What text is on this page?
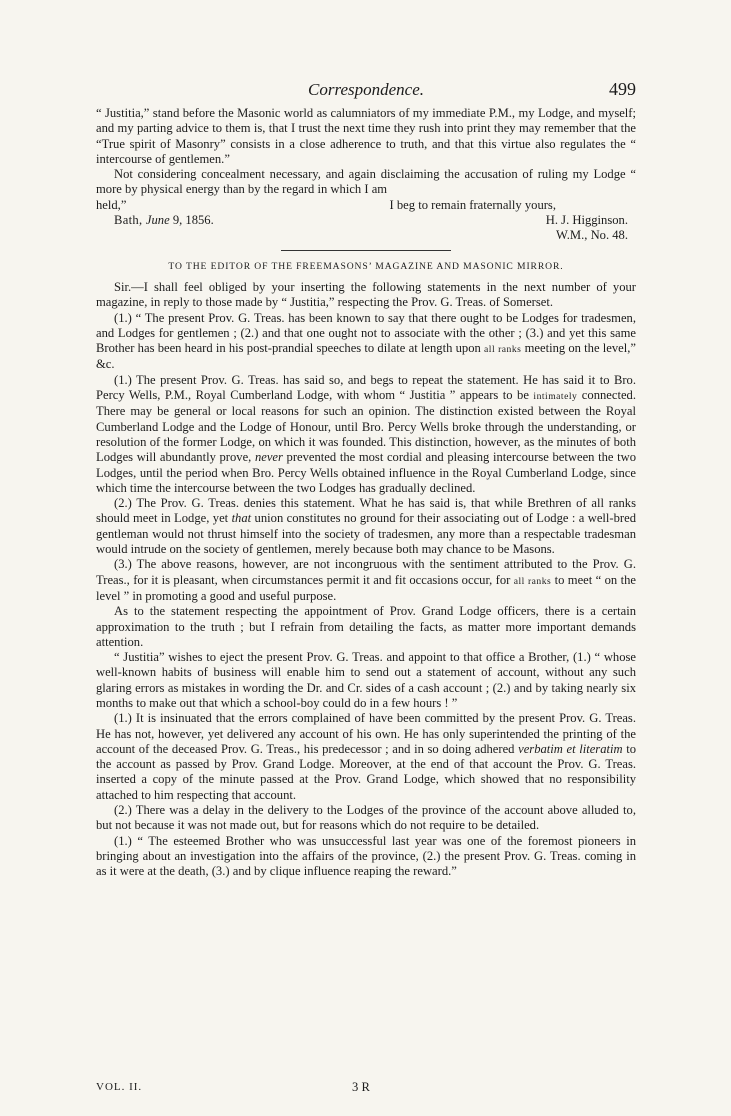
Correspondence.	499

“ Justitia,” stand before the Masonic world as calumniators of my immediate P.M., my Lodge, and myself; and my parting advice to them is, that I trust the next time they rush into print they may remember that the “True spirit of Masonry” consists in a close adherence to truth, and that this virtue also regulates the “ intercourse of gentlemen.”

Not considering concealment necessary, and again disclaiming the accusation of ruling my Lodge “ more by physical energy than by the regard in which I am

held,”	I beg to remain fraternally yours,
Bath, June 9, 1856.	H. J. Higginson.
W.M., No. 48.
TO THE EDITOR OF THE FREEMASONS’ MAGAZINE AND MASONIC MIRROR.

Sir.—I shall feel obliged by your inserting the following statements in the next number of your magazine, in reply to those made by “ Justitia,” respecting the Prov. G. Treas. of Somerset.

(1.) “ The present Prov. G. Treas. has been known to say that there ought to be Lodges for tradesmen, and Lodges for gentlemen ; (2.) and that one ought not to associate with the other ; (3.) and yet this same Brother has been heard in his post-prandial speeches to dilate at length upon all ranks meeting on the level,” &c.

(1.) The present Prov. G. Treas. has said so, and begs to repeat the statement. He has said it to Bro. Percy Wells, P.M., Royal Cumberland Lodge, with whom “ Justitia ” appears to be intimately connected. There may be general or local reasons for such an opinion. The distinction existed between the Royal Cumberland Lodge and the Lodge of Honour, until Bro. Percy Wells broke through the understanding, or resolution of the former Lodge, on which it was founded. This distinction, however, as the minutes of both Lodges will abundantly prove, never prevented the most cordial and pleasing intercourse between the two Lodges, until the period when Bro. Percy Wells obtained influence in the Royal Cumberland Lodge, since which time the intercourse between the two Lodges has gradually declined.

(2.) The Prov. G. Treas. denies this statement. What he has said is, that while Brethren of all ranks should meet in Lodge, yet that union constitutes no ground for their associating out of Lodge : a well-bred gentleman would not thrust himself into the society of tradesmen, any more than a respectable tradesman would intrude on the society of gentlemen, merely because both may chance to be Masons.

(3.) The above reasons, however, are not incongruous with the sentiment attributed to the Prov. G. Treas., for it is pleasant, when circumstances permit it and fit occasions occur, for all ranks to meet “ on the level ” in promoting a good and useful purpose.

As to the statement respecting the appointment of Prov. Grand Lodge officers, there is a certain approximation to the truth ; but I refrain from detailing the facts, as matter more important demands attention.

“ Justitia” wishes to eject the present Prov. G. Treas. and appoint to that office a Brother, (1.) “ whose well-known habits of business will enable him to send out a statement of account, without any such glaring errors as mistakes in wording the Dr. and Cr. sides of a cash account ; (2.) and by taking nearly six months to make out that which a school-boy could do in a few hours ! ”

(1.) It is insinuated that the errors complained of have been committed by the present Prov. G. Treas. He has not, however, yet delivered any account of his own. He has only superintended the printing of the account of the deceased Prov. G. Treas., his predecessor ; and in so doing adhered verbatim et literatim to the account as passed by Prov. Grand Lodge. Moreover, at the end of that account the Prov. G. Treas. inserted a copy of the minute passed at the Prov. Grand Lodge, which showed that no responsibility attached to him respecting that account.

(2.) There was a delay in the delivery to the Lodges of the province of the account above alluded to, but not because it was not made out, but for reasons which do not require to be detailed.

(1.) “ The esteemed Brother who was unsuccessful last year was one of the foremost pioneers in bringing about an investigation into the affairs of the province, (2.) the present Prov. G. Treas. coming in as it were at the death, (3.) and by clique influence reaping the reward.”

VOL. II.	3 R
